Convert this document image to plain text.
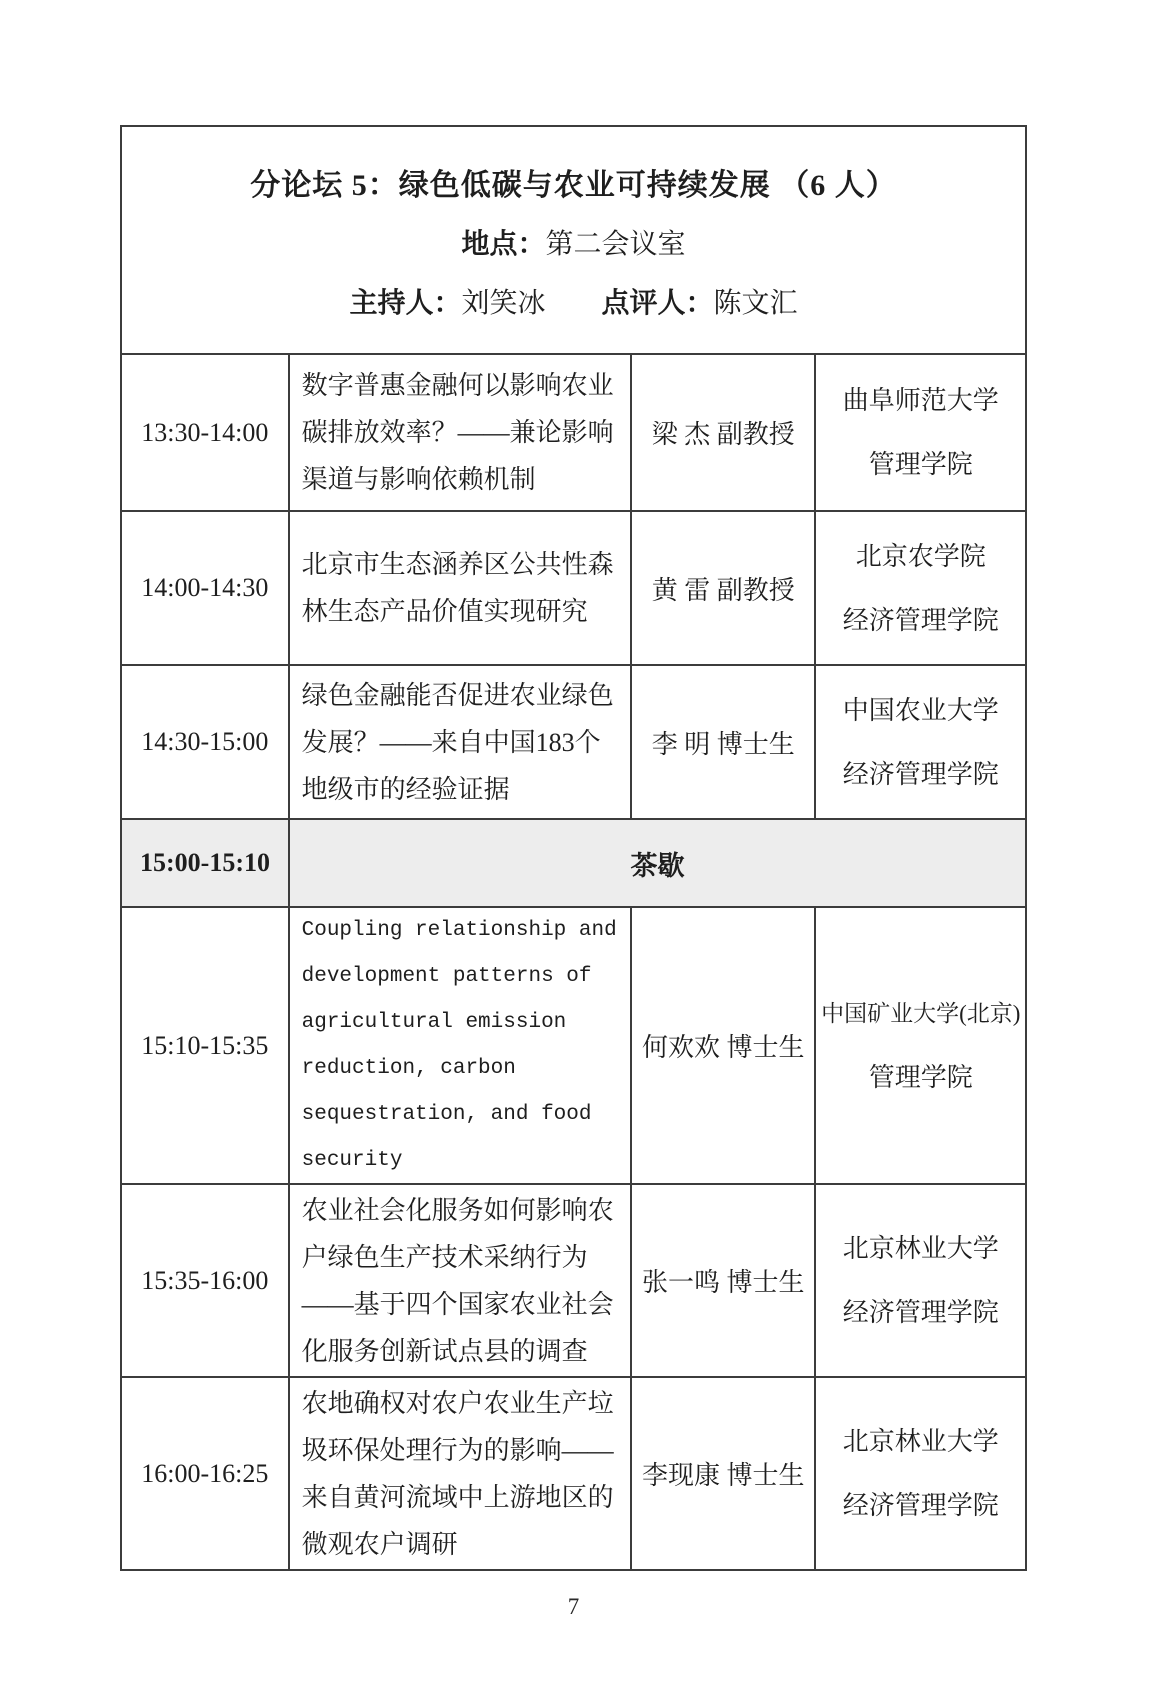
分论坛 5：绿色低碳与农业可持续发展 （6 人）
地点：第二会议室
主持人：刘笑冰 点评人：陈文汇
13:30-14:00
数字普惠金融何以影响农业碳排放效率？——兼论影响渠道与影响依赖机制
梁 杰 副教授
曲阜师范大学
管理学院
14:00-14:30
北京市生态涵养区公共性森林生态产品价值实现研究
黄 雷 副教授
北京农学院
经济管理学院
14:30-15:00
绿色金融能否促进农业绿色发展？——来自中国183个地级市的经验证据
李 明 博士生
中国农业大学
经济管理学院
15:00-15:10	茶歇
15:10-15:35
Coupling relationship and development patterns of agricultural emission reduction, carbon sequestration, and food security
何欢欢 博士生
中国矿业大学(北京)
管理学院
15:35-16:00
农业社会化服务如何影响农户绿色生产技术采纳行为——基于四个国家农业社会化服务创新试点县的调查
张一鸣 博士生
北京林业大学
经济管理学院
16:00-16:25
农地确权对农户农业生产垃圾环保处理行为的影响——来自黄河流域中上游地区的微观农户调研
李现康 博士生
北京林业大学
经济管理学院
7
